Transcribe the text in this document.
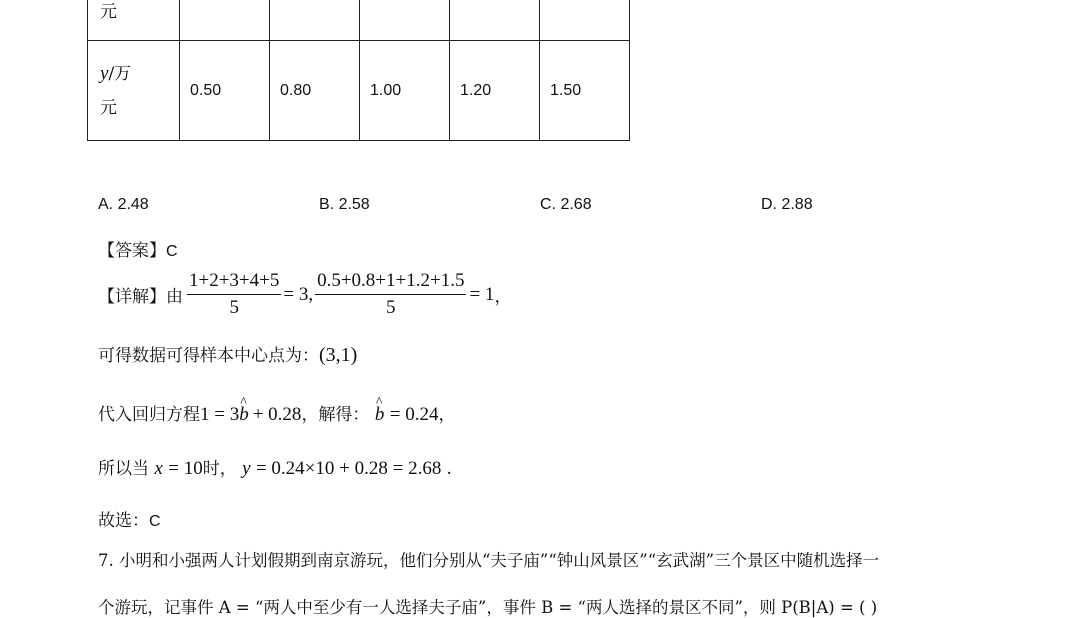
元					

y/万
元	0.50	0.80	1.00	1.20	1.50
A. 2.48	B. 2.58	C. 2.68	D. 2.88
【答案】C
【详解】 由 $\frac{1+2+3+4+5}{5} = 3$, $\frac{0.5+0.8+1+1.2+1.5}{5} = 1$ ，
可得数据可得样本中心点为：(3,1)
代入回归方程1 = 3^ b + 0.28，解得： ^ b = 0.24，
所以当 x = 10时， y = 0.24×10 + 0.28 = 2.68 .
故选：C
7. 小明和小强两人计划假期到南京游玩，他们分别从“夫子庙”“钟山风景区”“玄武湖”三个景区中随机选择一
个游玩，记事件 A = “两人中至少有一人选择夫子庙”，事件 B = “两人选择的景区不同”，则 P(B|A) = ( )
